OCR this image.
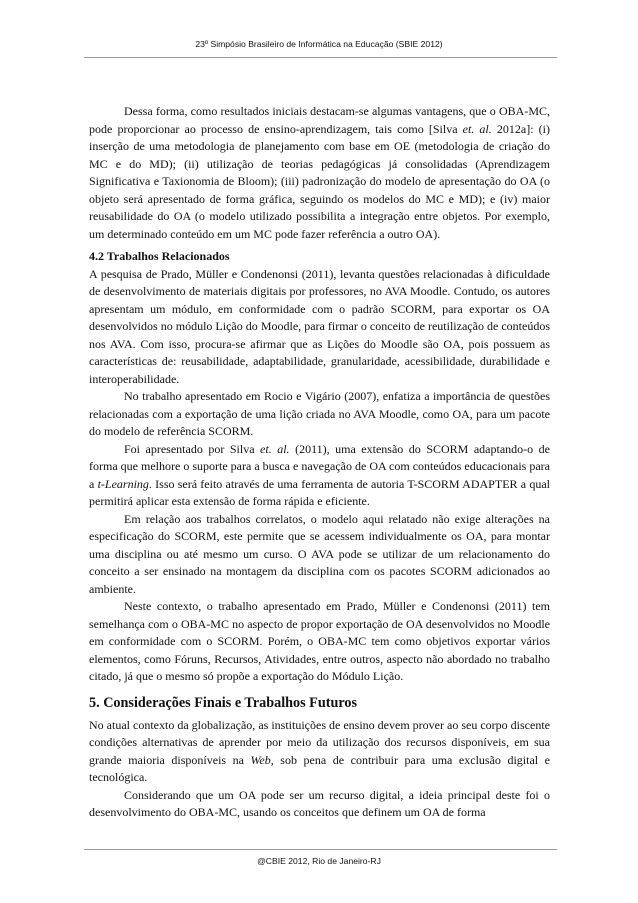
23º Simpósio Brasileiro de Informática na Educação (SBIE 2012)

Dessa forma, como resultados iniciais destacam-se algumas vantagens, que o OBA-MC, pode proporcionar ao processo de ensino-aprendizagem, tais como [Silva et. al. 2012a]: (i) inserção de uma metodologia de planejamento com base em OE (metodologia de criação do MC e do MD); (ii) utilização de teorias pedagógicas já consolidadas (Aprendizagem Significativa e Taxionomia de Bloom); (iii) padronização do modelo de apresentação do OA (o objeto será apresentado de forma gráfica, seguindo os modelos do MC e MD); e (iv) maior reusabilidade do OA (o modelo utilizado possibilita a integração entre objetos. Por exemplo, um determinado conteúdo em um MC pode fazer referência a outro OA).

4.2 Trabalhos Relacionados

A pesquisa de Prado, Müller e Condenonsi (2011), levanta questões relacionadas à dificuldade de desenvolvimento de materiais digitais por professores, no AVA Moodle. Contudo, os autores apresentam um módulo, em conformidade com o padrão SCORM, para exportar os OA desenvolvidos no módulo Lição do Moodle, para firmar o conceito de reutilização de conteúdos nos AVA. Com isso, procura-se afirmar que as Lições do Moodle são OA, pois possuem as características de: reusabilidade, adaptabilidade, granularidade, acessibilidade, durabilidade e interoperabilidade.

No trabalho apresentado em Rocio e Vigário (2007), enfatiza a importância de questões relacionadas com a exportação de uma lição criada no AVA Moodle, como OA, para um pacote do modelo de referência SCORM.

Foi apresentado por Silva et. al. (2011), uma extensão do SCORM adaptando-o de forma que melhore o suporte para a busca e navegação de OA com conteúdos educacionais para a t-Learning. Isso será feito através de uma ferramenta de autoria T-SCORM ADAPTER a qual permitirá aplicar esta extensão de forma rápida e eficiente.

Em relação aos trabalhos correlatos, o modelo aqui relatado não exige alterações na especificação do SCORM, este permite que se acessem individualmente os OA, para montar uma disciplina ou até mesmo um curso. O AVA pode se utilizar de um relacionamento do conceito a ser ensinado na montagem da disciplina com os pacotes SCORM adicionados ao ambiente.

Neste contexto, o trabalho apresentado em Prado, Müller e Condenonsi (2011) tem semelhança com o OBA-MC no aspecto de propor exportação de OA desenvolvidos no Moodle em conformidade com o SCORM. Porém, o OBA-MC tem como objetivos exportar vários elementos, como Fóruns, Recursos, Atividades, entre outros, aspecto não abordado no trabalho citado, já que o mesmo só propõe a exportação do Módulo Lição.

5. Considerações Finais e Trabalhos Futuros

No atual contexto da globalização, as instituições de ensino devem prover ao seu corpo discente condições alternativas de aprender por meio da utilização dos recursos disponíveis, em sua grande maioria disponíveis na Web, sob pena de contribuir para uma exclusão digital e tecnológica.

Considerando que um OA pode ser um recurso digital, a ideia principal deste foi o desenvolvimento do OBA-MC, usando os conceitos que definem um OA de forma

@CBIE 2012, Rio de Janeiro-RJ
